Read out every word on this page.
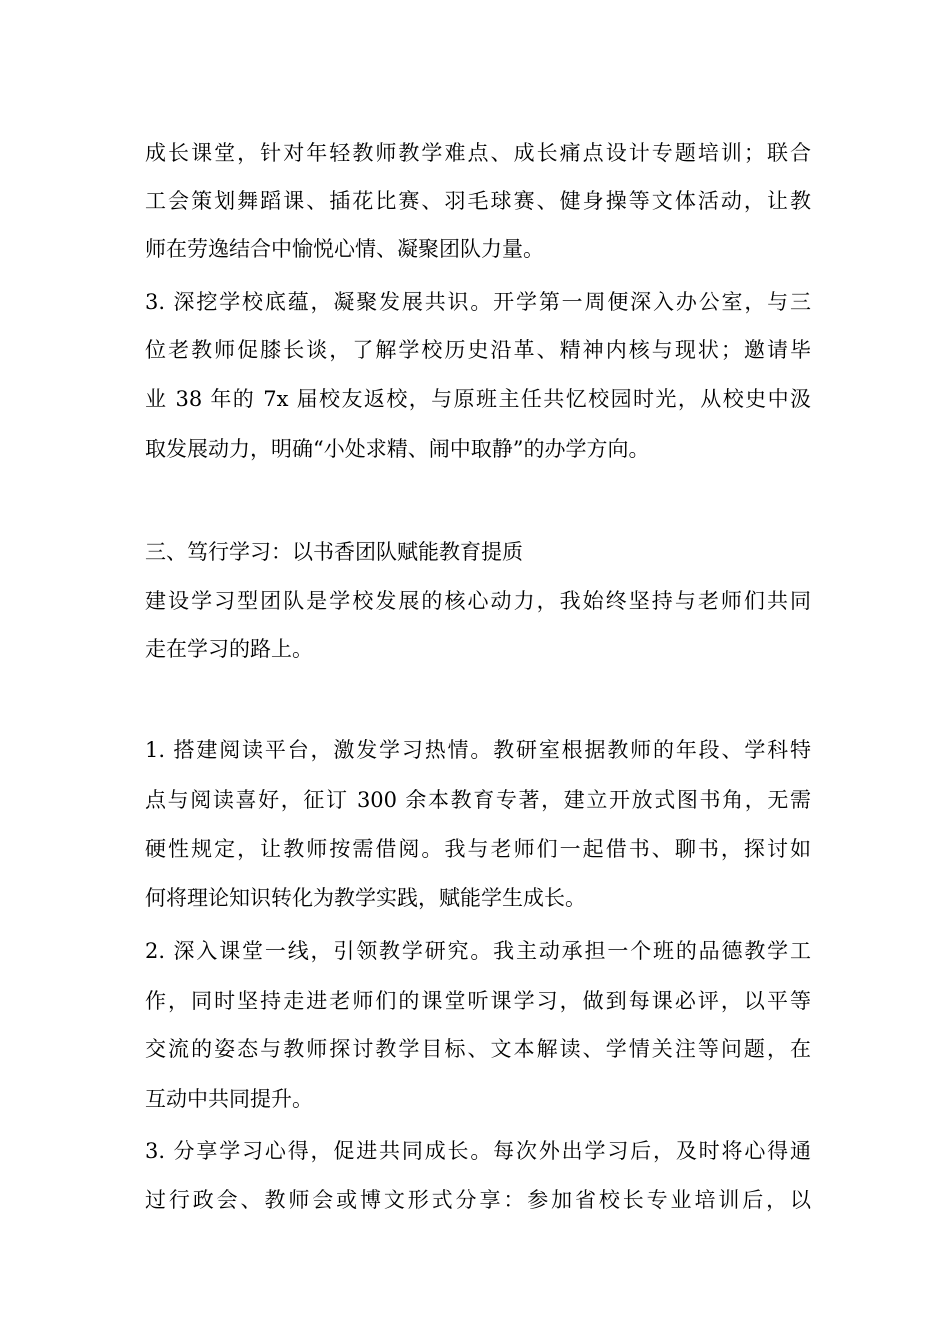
成长课堂，针对年轻教师教学难点、成长痛点设计专题培训；联合
工会策划舞蹈课、插花比赛、羽毛球赛、健身操等文体活动，让教
师在劳逸结合中愉悦心情、凝聚团队力量。
3. 深挖学校底蕴，凝聚发展共识。开学第一周便深入办公室，与三
位老教师促膝长谈，了解学校历史沿革、精神内核与现状；邀请毕
业 38 年的 7x 届校友返校，与原班主任共忆校园时光，从校史中汲
取发展动力，明确“小处求精、闹中取静”的办学方向。
三、笃行学习：以书香团队赋能教育提质
建设学习型团队是学校发展的核心动力，我始终坚持与老师们共同
走在学习的路上。
1. 搭建阅读平台，激发学习热情。教研室根据教师的年段、学科特
点与阅读喜好，征订 300 余本教育专著，建立开放式图书角，无需
硬性规定，让教师按需借阅。我与老师们一起借书、聊书，探讨如
何将理论知识转化为教学实践，赋能学生成长。
2. 深入课堂一线，引领教学研究。我主动承担一个班的品德教学工
作，同时坚持走进老师们的课堂听课学习，做到每课必评，以平等
交流的姿态与教师探讨教学目标、文本解读、学情关注等问题，在
互动中共同提升。
3. 分享学习心得，促进共同成长。每次外出学习后，及时将心得通
过行政会、教师会或博文形式分享：参加省校长专业培训后，以
